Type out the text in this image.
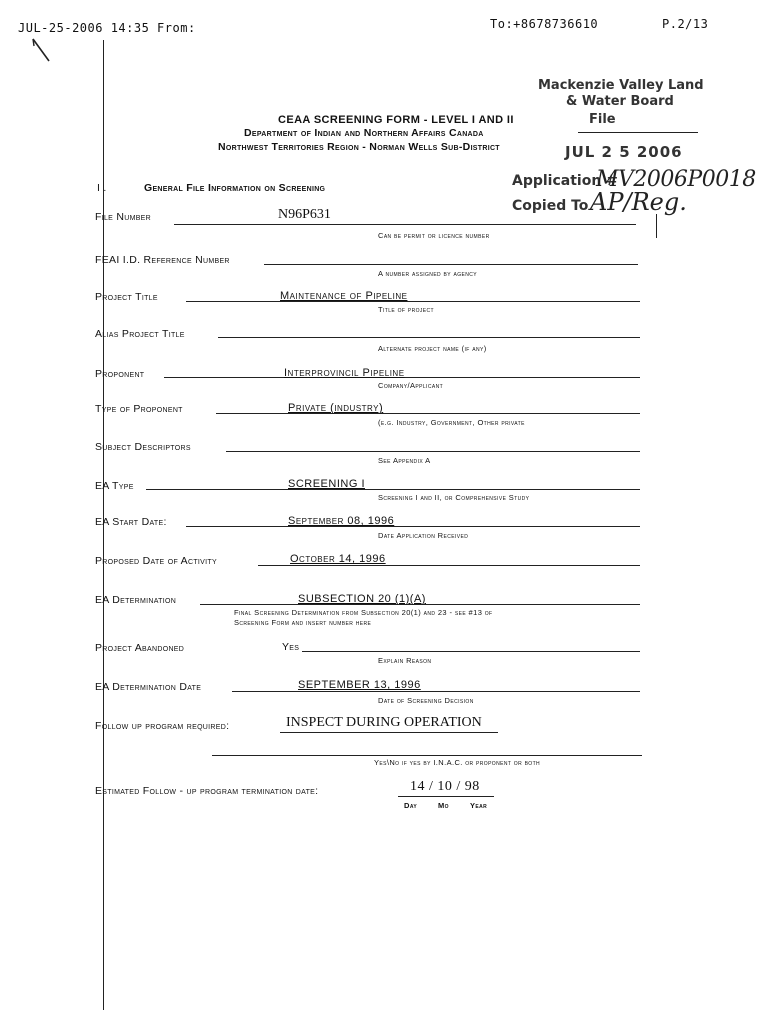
JUL-25-2006 14:35 From:	To:+8678736610	P.2/13
Mackenzie Valley Land
& Water Board
File
JUL 2 5 2006
Application #
MV2006P0018
Copied To AP/Reg.
CEAA SCREENING FORM - LEVEL I AND II
Department of Indian and Northern Affairs Canada
Northwest Territories Region - Norman Wells Sub-District
I .	General File Information on Screening
File Number	N96P631
Can be permit or licence number
FEAI I.D. Reference Number
A number assigned by agency
Project Title	Maintenance of Pipeline
Title of project
Alias Project Title
Alternate project name (if any)
Proponent	Interprovincil Pipeline
Company/Applicant
Type of Proponent	Private (industry)
(e.g. Industry, Government, Other private
Subject Descriptors
See Appendix A
EA Type	SCREENING I
Screening I and II, or Comprehensive Study
EA Start Date:	September 08, 1996
Date Application Received
Proposed Date of Activity	October 14, 1996
EA Determination	SUBSECTION 20 (1)(A)
Final Screening Determination from Subsection 20(1) and 23 - see #13 of
Screening Form and insert number here
Project Abandoned	Yes
Explain Reason
EA Determination Date	SEPTEMBER 13, 1996
Date of Screening Decision
Follow up program required:	INSPECT DURING OPERATION
Yes\No if yes by I.N.A.C. or proponent or both
Estimated Follow - up program termination date:	14 / 10 / 98
Day	Mo	Year
